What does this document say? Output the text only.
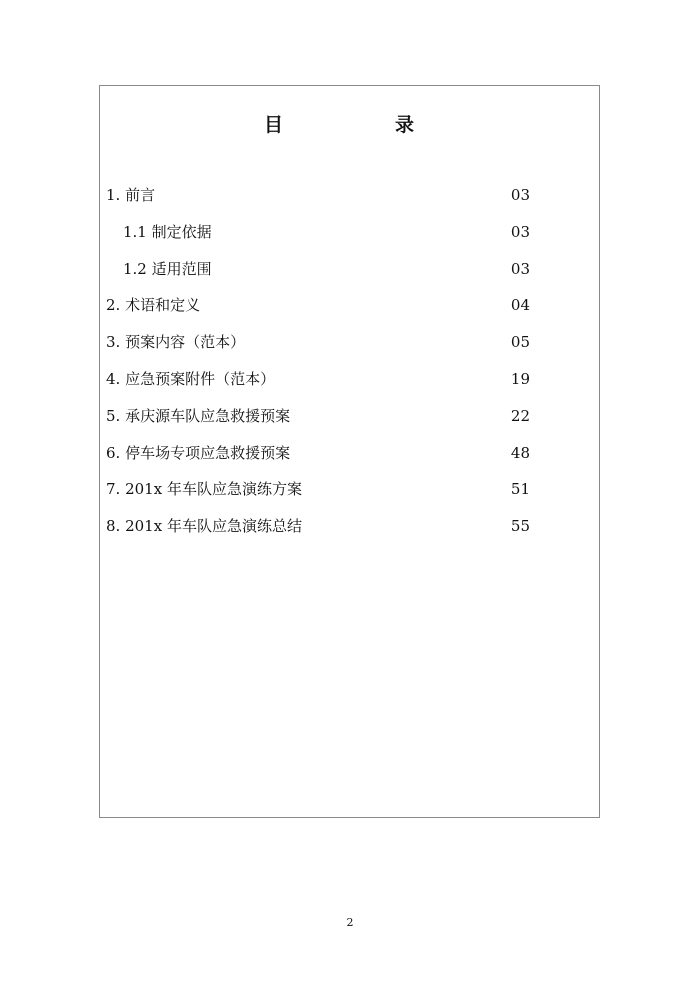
目	录
1. 前言	03
1.1 制定依据	03
1.2 适用范围	03
2. 术语和定义	04
3. 预案内容（范本）	05
4. 应急预案附件（范本）	19
5. 承庆源车队应急救援预案	22
6. 停车场专项应急救援预案	48
7. 201x 年车队应急演练方案	51
8. 201x 年车队应急演练总结	55
2
